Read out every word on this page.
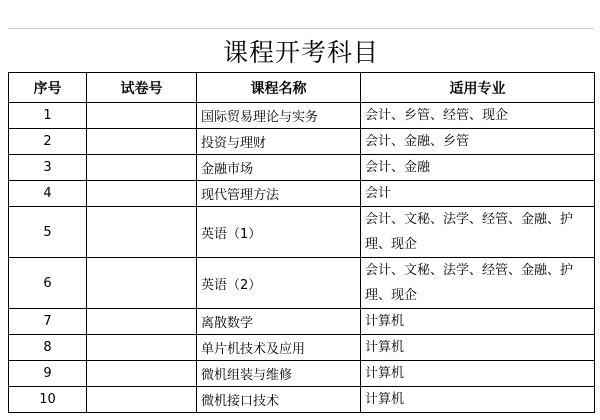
课程开考科目
序号	试卷号	课程名称	适用专业
1		国际贸易理论与实务	会计、乡管、经管、现企
2		投资与理财	会计、金融、乡管
3		金融市场	会计、金融
4		现代管理方法	会计
5		英语（1）	会计、文秘、法学、经管、金融、护理、现企
6		英语（2）	会计、文秘、法学、经管、金融、护理、现企
7		离散数学	计算机
8		单片机技术及应用	计算机
9		微机组装与维修	计算机
10		微机接口技术	计算机
